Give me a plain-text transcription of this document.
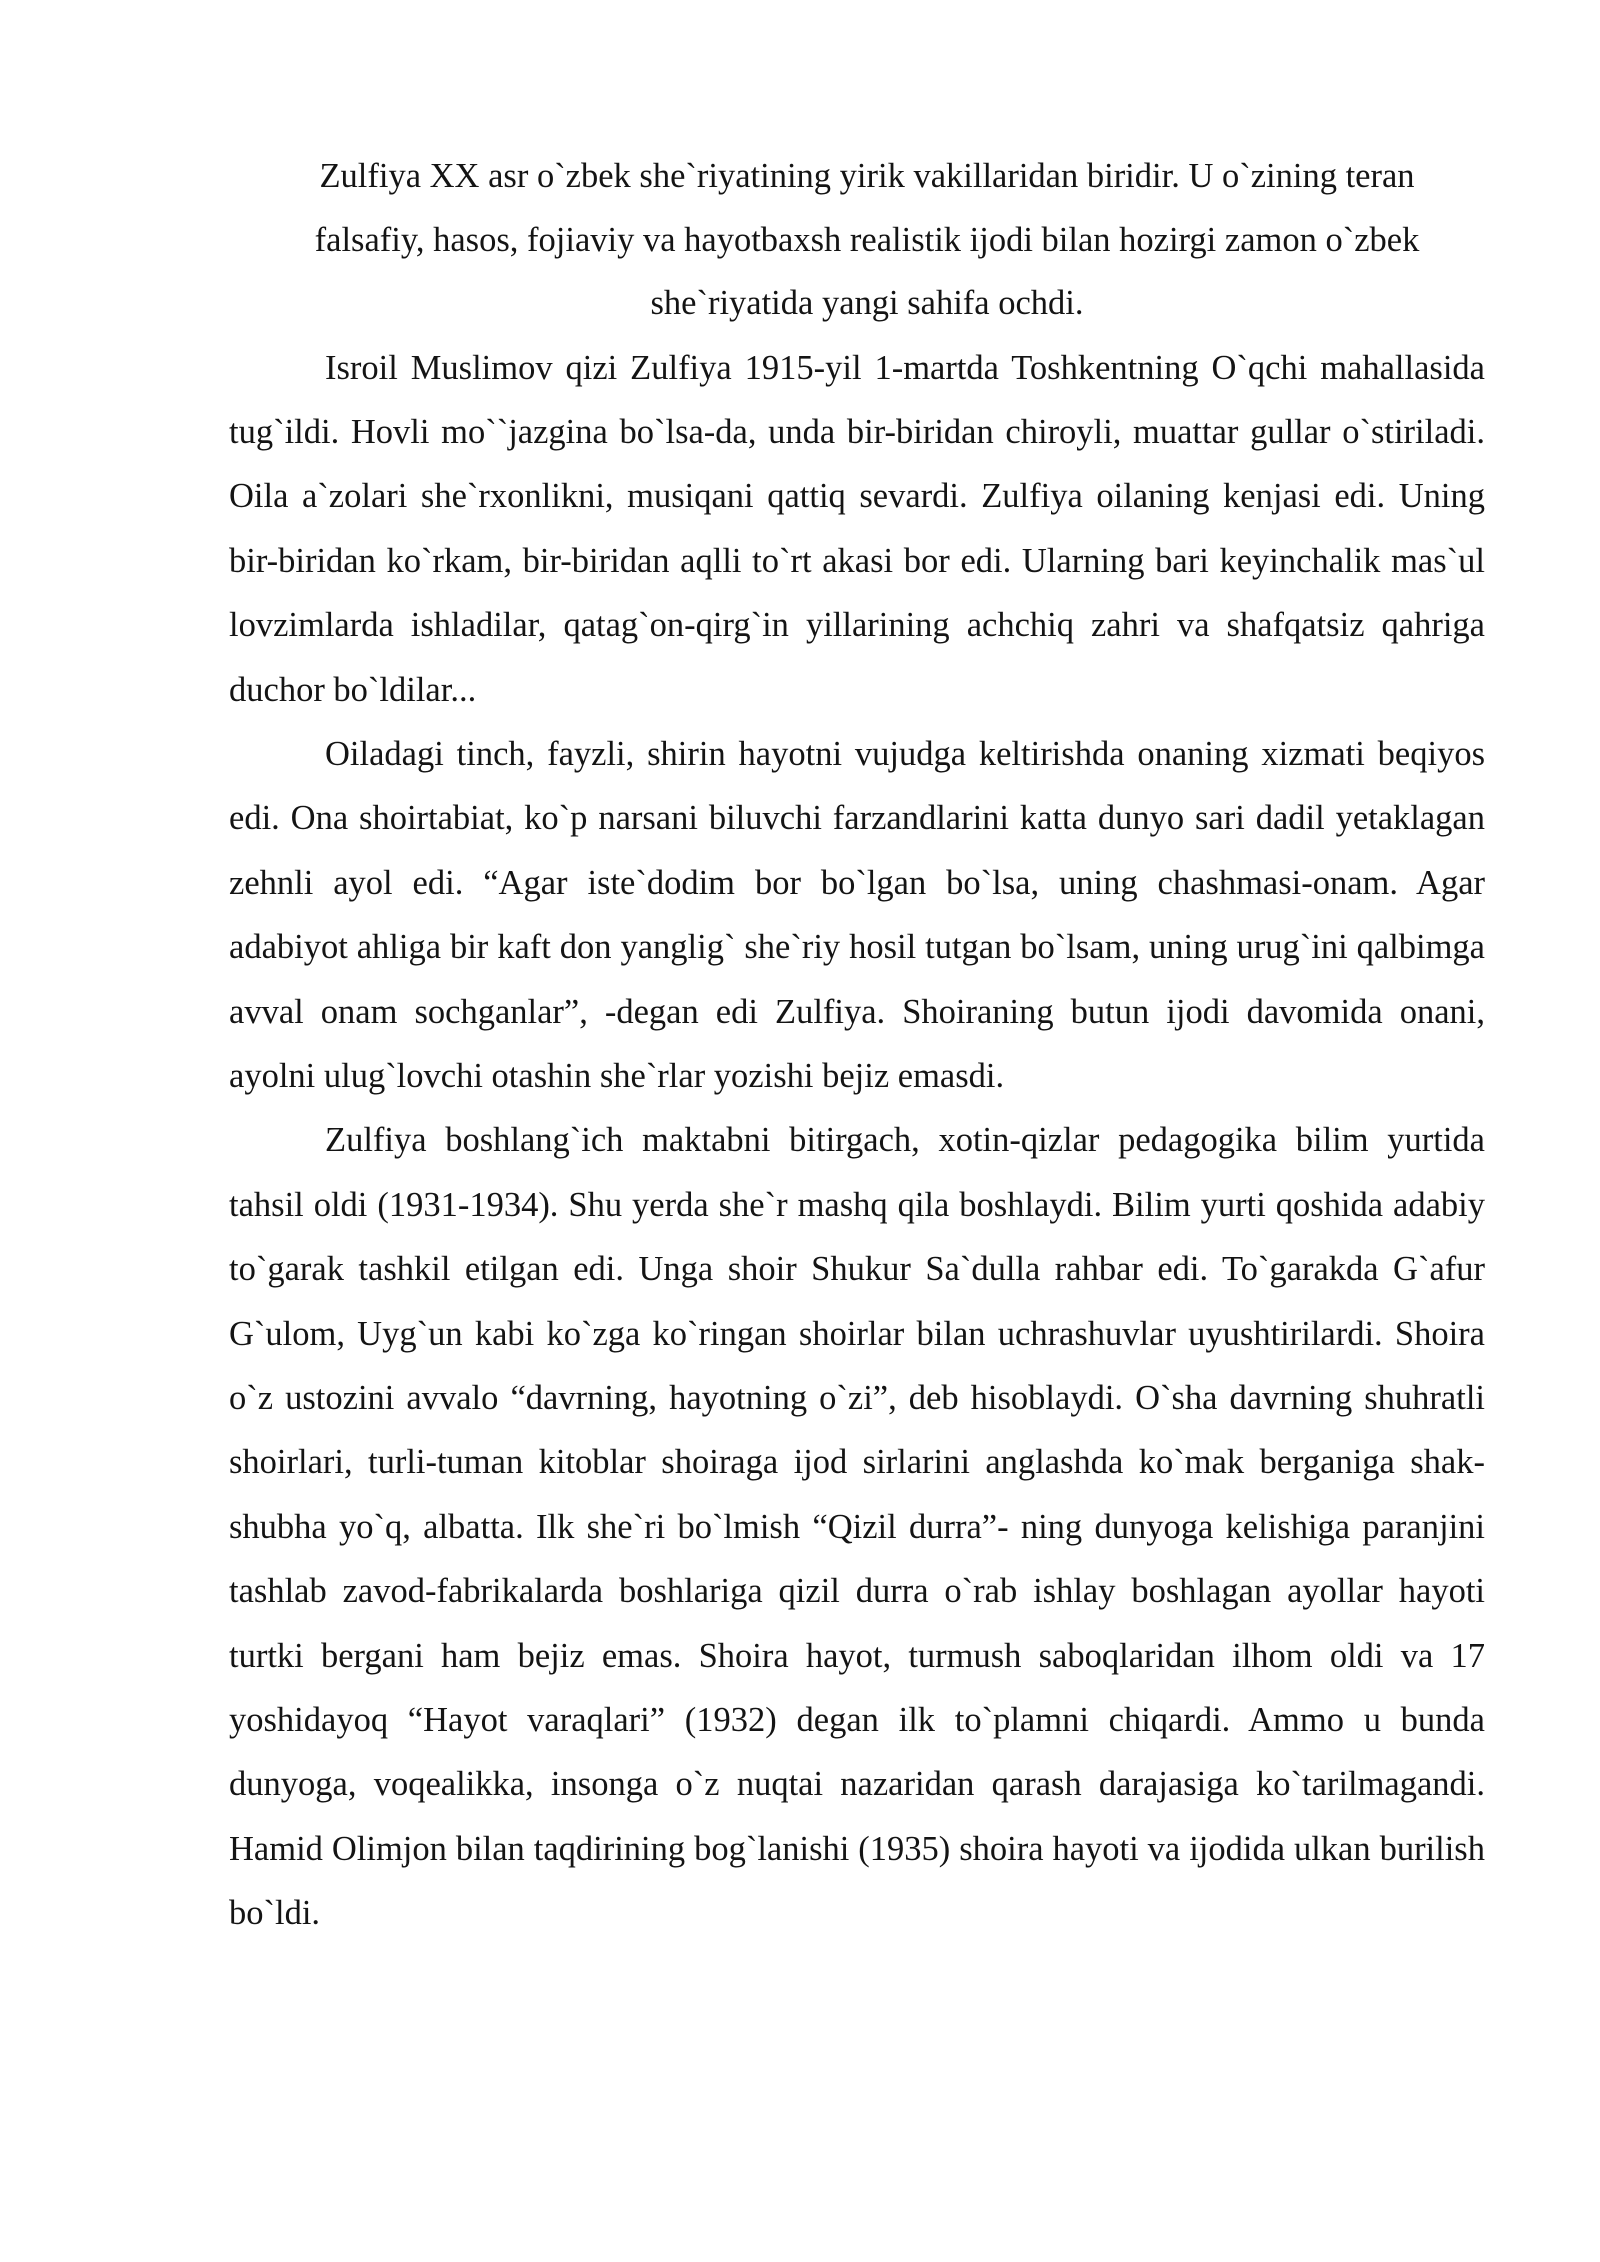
Zulfiya XX asr o`zbek she`riyatining yirik vakillaridan biridir. U o`zining teran falsafiy, hasos, fojiaviy va hayotbaxsh realistik ijodi bilan hozirgi zamon o`zbek she`riyatida yangi sahifa ochdi.

Isroil Muslimov qizi Zulfiya 1915-yil 1-martda Toshkentning O`qchi mahallasida tug`ildi. Hovli mo``jazgina bo`lsa-da, unda bir-biridan chiroyli, muattar gullar o`stiriladi. Oila a`zolari she`rxonlikni, musiqani qattiq sevardi. Zulfiya oilaning kenjasi edi. Uning bir-biridan ko`rkam, bir-biridan aqlli to`rt akasi bor edi. Ularning bari keyinchalik mas`ul lovzimlarda ishladilar, qatag`on-qirg`in yillarining achchiq zahri va shafqatsiz qahriga duchor bo`ldilar...

Oiladagi tinch, fayzli, shirin hayotni vujudga keltirishda onaning xizmati beqiyos edi. Ona shoirtabiat, ko`p narsani biluvchi farzandlarini katta dunyo sari dadil yetaklagan zehnli ayol edi. “Agar iste`dodim bor bo`lgan bo`lsa, uning chashmasi-onam. Agar adabiyot ahliga bir kaft don yanglig` she`riy hosil tutgan bo`lsam, uning urug`ini qalbimga avval onam sochganlar”, -degan edi Zulfiya. Shoiraning butun ijodi davomida onani, ayolni ulug`lovchi otashin she`rlar yozishi bejiz emasdi.

Zulfiya boshlang`ich maktabni bitirgach, xotin-qizlar pedagogika bilim yurtida tahsil oldi (1931-1934). Shu yerda she`r mashq qila boshlaydi. Bilim yurti qoshida adabiy to`garak tashkil etilgan edi. Unga shoir Shukur Sa`dulla rahbar edi. To`garakda G`afur G`ulom, Uyg`un kabi ko`zga ko`ringan shoirlar bilan uchrashuvlar uyushtirilardi. Shoira o`z ustozini avvalo “davrning, hayotning o`zi”, deb hisoblaydi. O`sha davrning shuhratli shoirlari, turli-tuman kitoblar shoiraga ijod sirlarini anglashda ko`mak berganiga shak-shubha yo`q, albatta. Ilk she`ri bo`lmish “Qizil durra”- ning dunyoga kelishiga paranjini tashlab zavod-fabrikalarda boshlariga qizil durra o`rab ishlay boshlagan ayollar hayoti turtki bergani ham bejiz emas. Shoira hayot, turmush saboqlaridan ilhom oldi va 17 yoshidayoq “Hayot varaqlari” (1932) degan ilk to`plamni chiqardi. Ammo u bunda dunyoga, voqealikka, insonga o`z nuqtai nazaridan qarash darajasiga ko`tarilmagandi. Hamid Olimjon bilan taqdirining bog`lanishi (1935) shoira hayoti va ijodida ulkan burilish bo`ldi.
